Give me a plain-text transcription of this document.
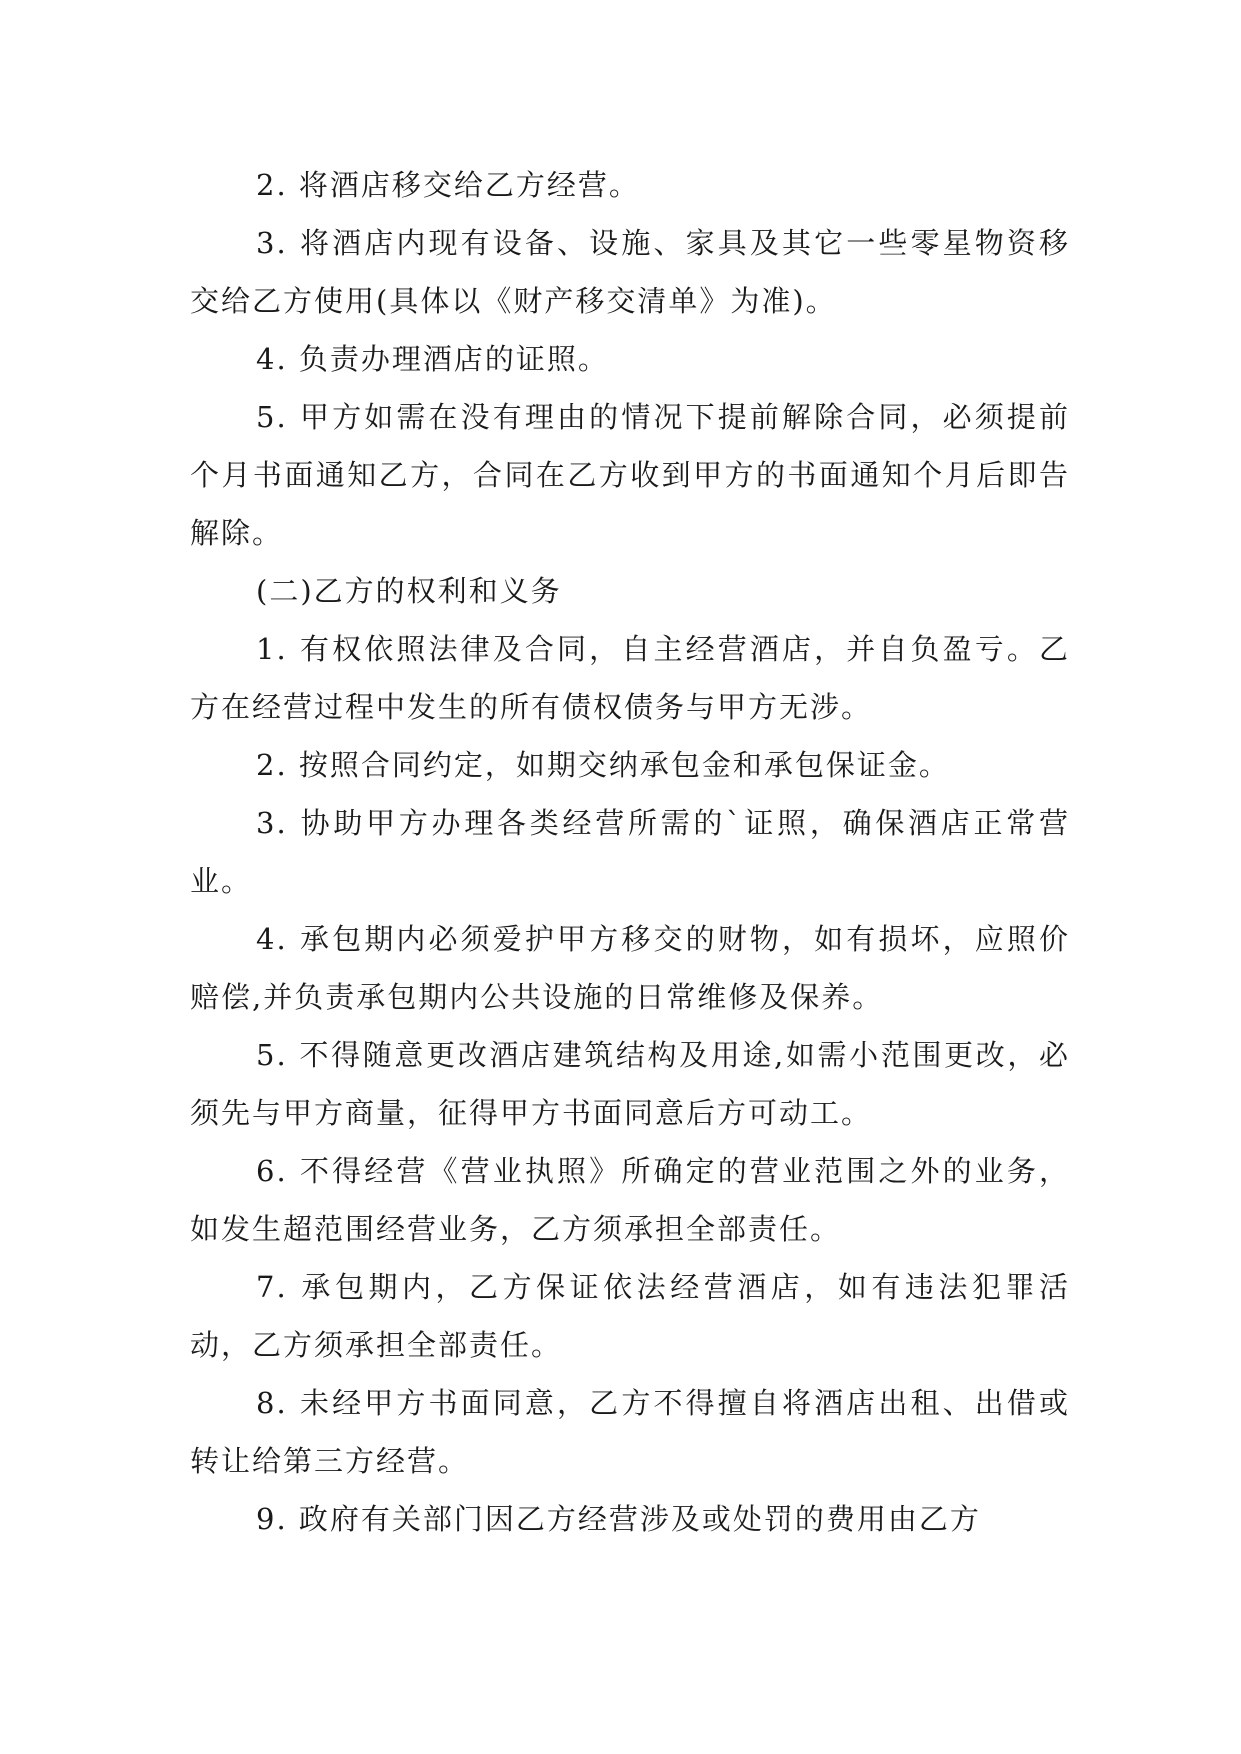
2. 将酒店移交给乙方经营。

3. 将酒店内现有设备、设施、家具及其它一些零星物资移交给乙方使用(具体以《财产移交清单》为准)。

4. 负责办理酒店的证照。

5. 甲方如需在没有理由的情况下提前解除合同，必须提前个月书面通知乙方，合同在乙方收到甲方的书面通知个月后即告解除。

(二)乙方的权利和义务

1. 有权依照法律及合同，自主经营酒店，并自负盈亏。乙方在经营过程中发生的所有债权债务与甲方无涉。

2. 按照合同约定，如期交纳承包金和承包保证金。

3. 协助甲方办理各类经营所需的`证照，确保酒店正常营业。

4. 承包期内必须爱护甲方移交的财物，如有损坏，应照价赔偿,并负责承包期内公共设施的日常维修及保养。

5. 不得随意更改酒店建筑结构及用途,如需小范围更改，必须先与甲方商量，征得甲方书面同意后方可动工。

6. 不得经营《营业执照》所确定的营业范围之外的业务，如发生超范围经营业务，乙方须承担全部责任。

7. 承包期内，乙方保证依法经营酒店，如有违法犯罪活动，乙方须承担全部责任。

8. 未经甲方书面同意，乙方不得擅自将酒店出租、出借或转让给第三方经营。

9. 政府有关部门因乙方经营涉及或处罚的费用由乙方
